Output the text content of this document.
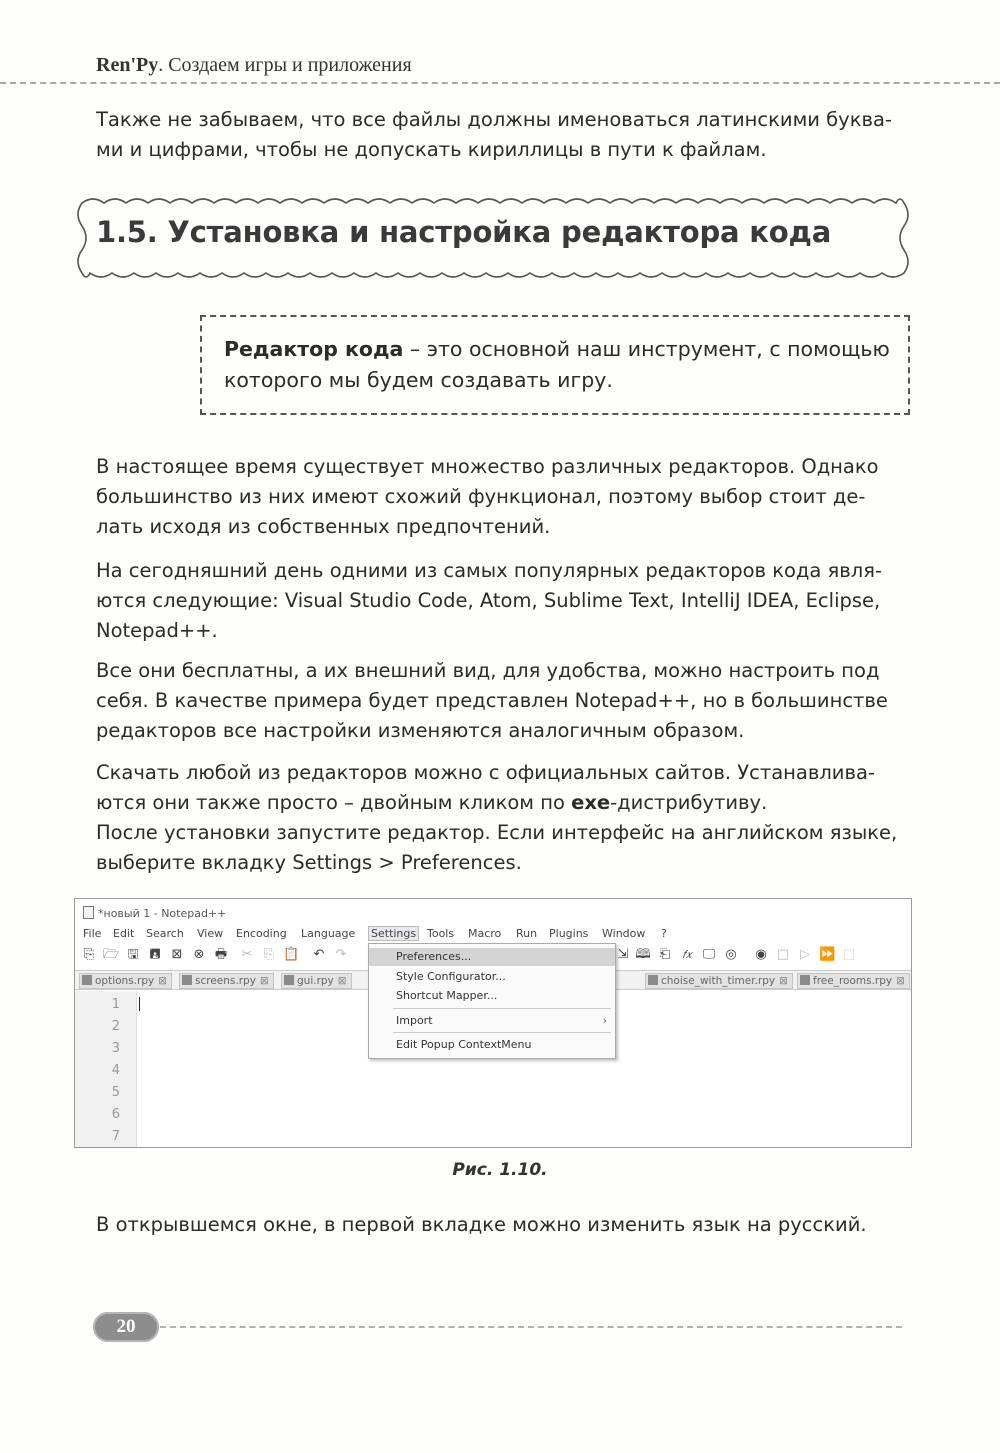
Ren'Py. Создаем игры и приложения
Также не забываем, что все файлы должны именоваться латинскими буква-
ми и цифрами, чтобы не допускать кириллицы в пути к файлам.
1.5. Установка и настройка редактора кода
Редактор кода – это основной наш инструмент, с помощью
которого мы будем создавать игру.
В настоящее время существует множество различных редакторов. Однако
большинство из них имеют схожий функционал, поэтому выбор стоит де-
лать исходя из собственных предпочтений.
На сегодняшний день одними из самых популярных редакторов кода явля-
ются следующие: Visual Studio Code, Atom, Sublime Text, IntelliJ IDEA, Eclipse,
Notepad++.
Все они бесплатны, а их внешний вид, для удобства, можно настроить под
себя. В качестве примера будет представлен Notepad++, но в большинстве
редакторов все настройки изменяются аналогичным образом.
Скачать любой из редакторов можно с официальных сайтов. Устанавлива-
ются они также просто – двойным кликом по exe-дистрибутиву.
После установки запустите редактор. Если интерфейс на английском языке,
выберите вкладку Settings > Preferences.
*новый 1 - Notepad++
File Edit Search View Encoding Language Settings Tools Macro Run Plugins Window ?
⎘ 🗁 🖫 🖪 ⊠ ⊗ 🖶 ✂ ⎘ 📋 ↶ ↷	⇲ 🕮 ⎗ 𝑓𝑥 🖵 ◎ ◉ □ ▷ ⏩ ⬚
options.rpy ⊠	screens.rpy ⊠	gui.rpy ⊠	choise_with_timer.rpy ⊠	free_rooms.rpy ⊠
1
2
3
4
5
6
7
Preferences...
Style Configurator...
Shortcut Mapper...
Import	›
Edit Popup ContextMenu
Рис. 1.10.
В открывшемся окне, в первой вкладке можно изменить язык на русский.
20
